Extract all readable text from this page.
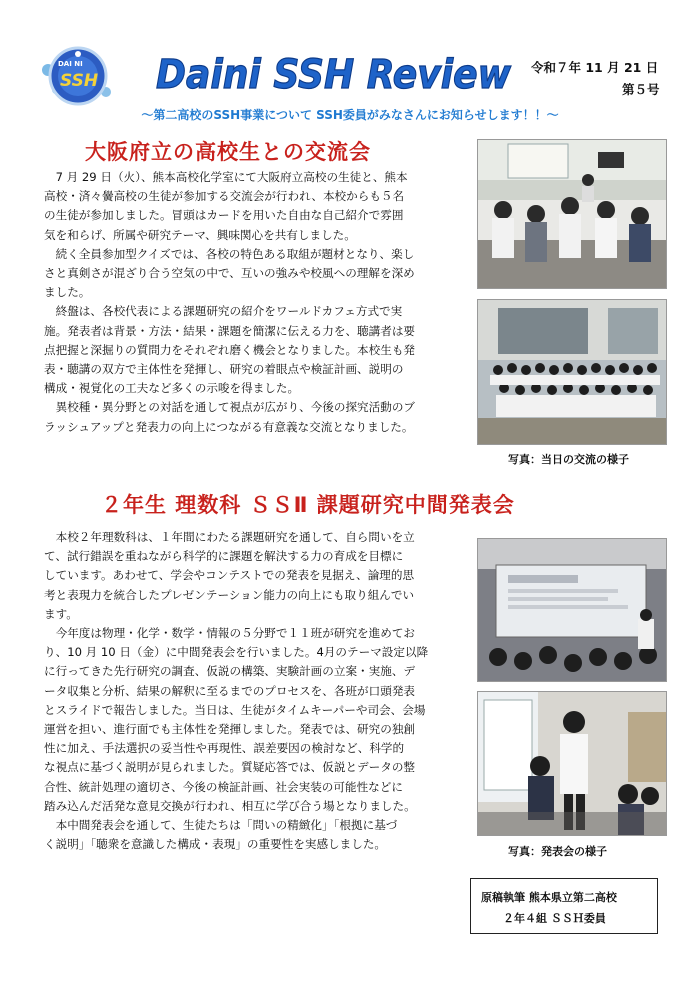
DAI NI
SSH Daini SSH Review 令和７年 11 月 21 日
第５号
～第二高校のSSH事業について SSH委員がみなさんにお知らせします！！～
大阪府立の高校生との交流会

7 月 29 日（火）、熊本高校化学室にて大阪府立高校の生徒と、熊本
高校・済々黌高校の生徒が参加する交流会が行われ、本校からも５名
の生徒が参加しました。冒頭はカードを用いた自由な自己紹介で雰囲
気を和らげ、所属や研究テーマ、興味関心を共有しました。

続く全員参加型クイズでは、各校の特色ある取組が題材となり、楽し
さと真剣さが混ざり合う空気の中で、互いの強みや校風への理解を深め
ました。

終盤は、各校代表による課題研究の紹介をワールドカフェ方式で実
施。発表者は背景・方法・結果・課題を簡潔に伝える力を、聴講者は要
点把握と深掘りの質問力をそれぞれ磨く機会となりました。本校生も発
表・聴講の双方で主体性を発揮し、研究の着眼点や検証計画、説明の
構成・視覚化の工夫など多くの示唆を得ました。

異校種・異分野との対話を通して視点が広がり、今後の探究活動のブ
ラッシュアップと発表力の向上につながる有意義な交流となりました。

写真：当日の交流の様子
２年生 理数科 ＳＳⅡ 課題研究中間発表会

本校２年理数科は、１年間にわたる課題研究を通して、自ら問いを立
て、試行錯誤を重ねながら科学的に課題を解決する力の育成を目標に
しています。あわせて、学会やコンテストでの発表を見据え、論理的思
考と表現力を統合したプレゼンテーション能力の向上にも取り組んでい
ます。

今年度は物理・化学・数学・情報の５分野で１１班が研究を進めてお
り、10 月 10 日（金）に中間発表会を行いました。4月のテーマ設定以降
に行ってきた先行研究の調査、仮説の構築、実験計画の立案・実施、デ
ータ収集と分析、結果の解釈に至るまでのプロセスを、各班が口頭発表
とスライドで報告しました。当日は、生徒がタイムキーパーや司会、会場
運営を担い、進行面でも主体性を発揮しました。発表では、研究の独創
性に加え、手法選択の妥当性や再現性、誤差要因の検討など、科学的
な視点に基づく説明が見られました。質疑応答では、仮説とデータの整
合性、統計処理の適切さ、今後の検証計画、社会実装の可能性などに
踏み込んだ活発な意見交換が行われ、相互に学び合う場となりました。

本中間発表会を通して、生徒たちは「問いの精緻化」「根拠に基づ
く説明」「聴衆を意識した構成・表現」の重要性を実感しました。

写真：発表会の様子
原稿執筆 熊本県立第二高校
２年４組 ＳＳＨ委員
